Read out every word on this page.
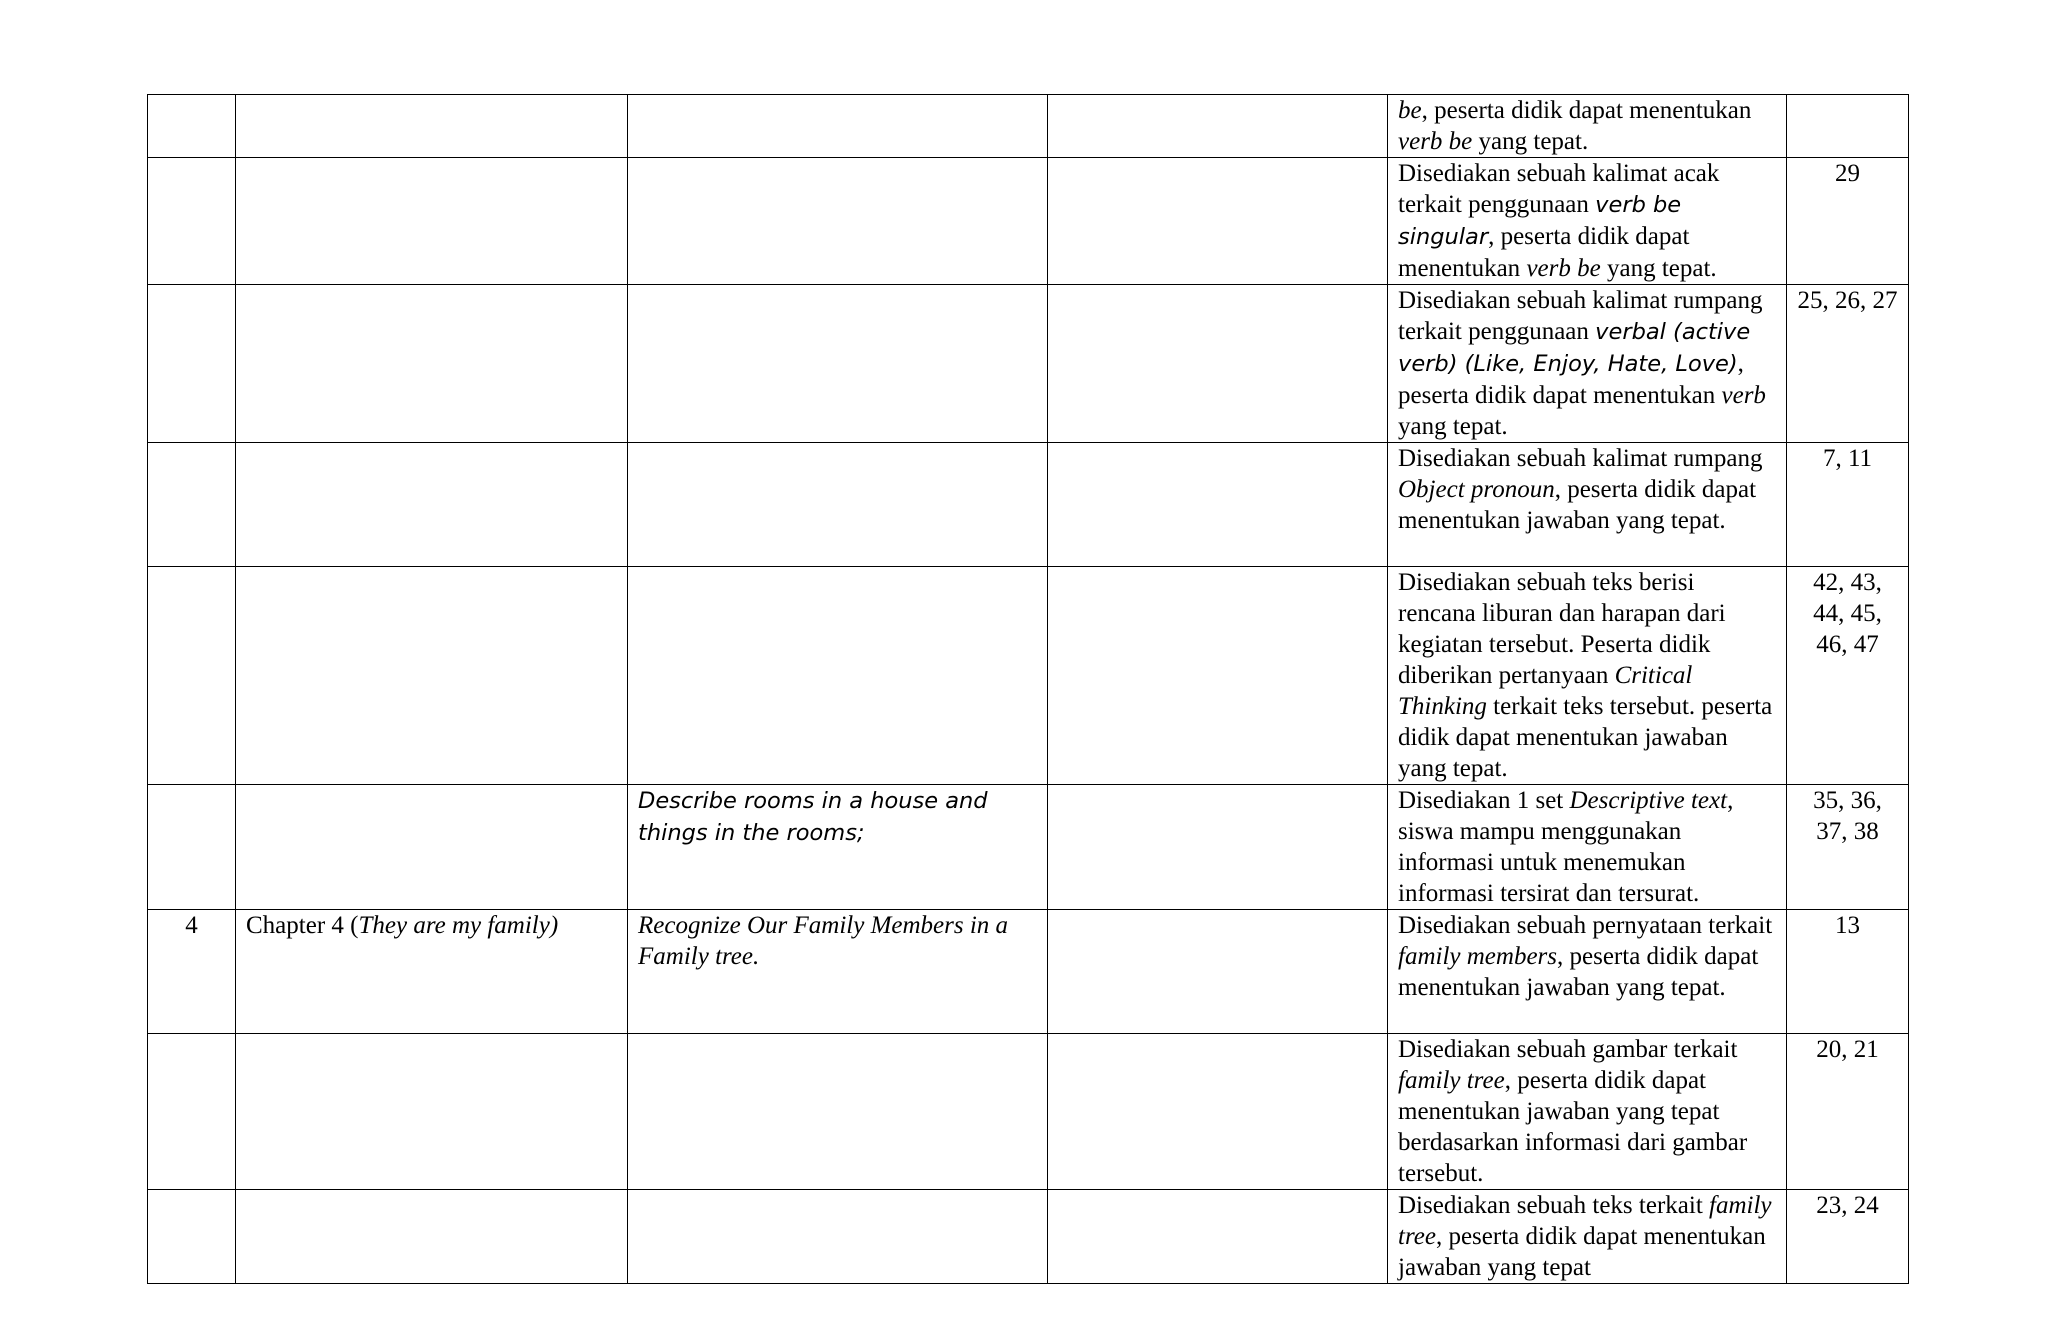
				be, peserta didik dapat menentukan verb be yang tepat.	
				Disediakan sebuah kalimat acak terkait penggunaan verb be singular, peserta didik dapat menentukan verb be yang tepat.	29
				Disediakan sebuah kalimat rumpang terkait penggunaan verbal (active verb) (Like, Enjoy, Hate, Love), peserta didik dapat menentukan verb yang tepat.	25, 26, 27
				Disediakan sebuah kalimat rumpang Object pronoun, peserta didik dapat menentukan jawaban yang tepat.	7, 11
				Disediakan sebuah teks berisi rencana liburan dan harapan dari kegiatan tersebut. Peserta didik diberikan pertanyaan Critical Thinking terkait teks tersebut. peserta didik dapat menentukan jawaban yang tepat.	42, 43, 44, 45, 46, 47
		Describe rooms in a house and things in the rooms;		Disediakan 1 set Descriptive text, siswa mampu menggunakan informasi untuk menemukan informasi tersirat dan tersurat.	35, 36, 37, 38
4	Chapter 4 (They are my family)	Recognize Our Family Members in a Family tree.		Disediakan sebuah pernyataan terkait family members, peserta didik dapat menentukan jawaban yang tepat.	13
				Disediakan sebuah gambar terkait family tree, peserta didik dapat menentukan jawaban yang tepat berdasarkan informasi dari gambar tersebut.	20, 21
				Disediakan sebuah teks terkait family tree, peserta didik dapat menentukan jawaban yang tepat	23, 24
